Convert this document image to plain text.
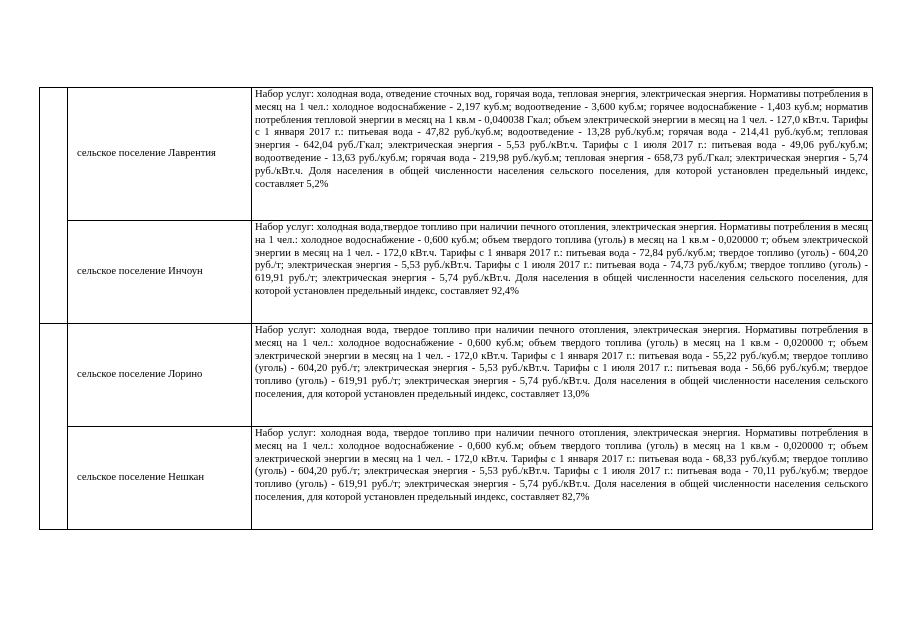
	сельское поселение Лаврентия	Набор услуг: холодная вода, отведение сточных вод, горячая вода, тепловая энергия, электрическая энергия. Нормативы потребления в месяц на 1 чел.: холодное водоснабжение - 2,197 куб.м; водоотведение - 3,600 куб.м; горячее водоснабжение - 1,403 куб.м; норматив потребления тепловой энергии в месяц на 1 кв.м - 0,040038 Гкал; объем электрической энергии в месяц на 1 чел. - 127,0 кВт.ч. Тарифы с 1 января 2017 г.: питьевая вода - 47,82 руб./куб.м; водоотведение - 13,28 руб./куб.м; горячая вода - 214,41 руб./куб.м; тепловая энергия - 642,04 руб./Гкал; электрическая энергия - 5,53 руб./кВт.ч. Тарифы с 1 июля 2017 г.: питьевая вода - 49,06 руб./куб.м; водоотведение - 13,63 руб./куб.м; горячая вода - 219,98 руб./куб.м; тепловая энергия - 658,73 руб./Гкал; электрическая энергия - 5,74 руб./кВт.ч. Доля населения в общей численности населения сельского поселения, для которой установлен предельный индекс, составляет 5,2%
	сельское поселение Инчоун	Набор услуг: холодная вода,твердое топливо при наличии печного отопления, электрическая энергия. Нормативы потребления в месяц на 1 чел.: холодное водоснабжение - 0,600 куб.м; объем твердого топлива (уголь) в месяц на 1 кв.м - 0,020000 т; объем электрической энергии в месяц на 1 чел. - 172,0 кВт.ч. Тарифы с 1 января 2017 г.: питьевая вода - 72,84 руб./куб.м; твердое топливо (уголь) - 604,20 руб./т; электрическая энергия - 5,53 руб./кВт.ч. Тарифы с 1 июля 2017 г.: питьевая вода - 74,73 руб./куб.м; твердое топливо (уголь) - 619,91 руб./т; электрическая энергия - 5,74 руб./кВт.ч. Доля населения в общей численности населения сельского поселения, для которой установлен предельный индекс, составляет 92,4%
	сельское поселение Лорино	Набор услуг: холодная вода, твердое топливо при наличии печного отопления, электрическая энергия. Нормативы потребления в месяц на 1 чел.: холодное водоснабжение - 0,600 куб.м; объем твердого топлива (уголь) в месяц на 1 кв.м - 0,020000 т; объем электрической энергии в месяц на 1 чел. - 172,0 кВт.ч. Тарифы с 1 января 2017 г.: питьевая вода - 55,22 руб./куб.м; твердое топливо (уголь) - 604,20 руб./т; электрическая энергия - 5,53 руб./кВт.ч. Тарифы с 1 июля 2017 г.: питьевая вода - 56,66 руб./куб.м; твердое топливо (уголь) - 619,91 руб./т; электрическая энергия - 5,74 руб./кВт.ч. Доля населения в общей численности населения сельского поселения, для которой установлен предельный индекс, составляет 13,0%
	сельское поселение Нешкан	Набор услуг: холодная вода, твердое топливо при наличии печного отопления, электрическая энергия. Нормативы потребления в месяц на 1 чел.: холодное водоснабжение - 0,600 куб.м; объем твердого топлива (уголь) в месяц на 1 кв.м - 0,020000 т; объем электрической энергии в месяц на 1 чел. - 172,0 кВт.ч. Тарифы с 1 января 2017 г.: питьевая вода - 68,33 руб./куб.м; твердое топливо (уголь) - 604,20 руб./т; электрическая энергия - 5,53 руб./кВт.ч. Тарифы с 1 июля 2017 г.: питьевая вода - 70,11 руб./куб.м; твердое топливо (уголь) - 619,91 руб./т; электрическая энергия - 5,74 руб./кВт.ч. Доля населения в общей численности населения сельского поселения, для которой установлен предельный индекс, составляет 82,7%
